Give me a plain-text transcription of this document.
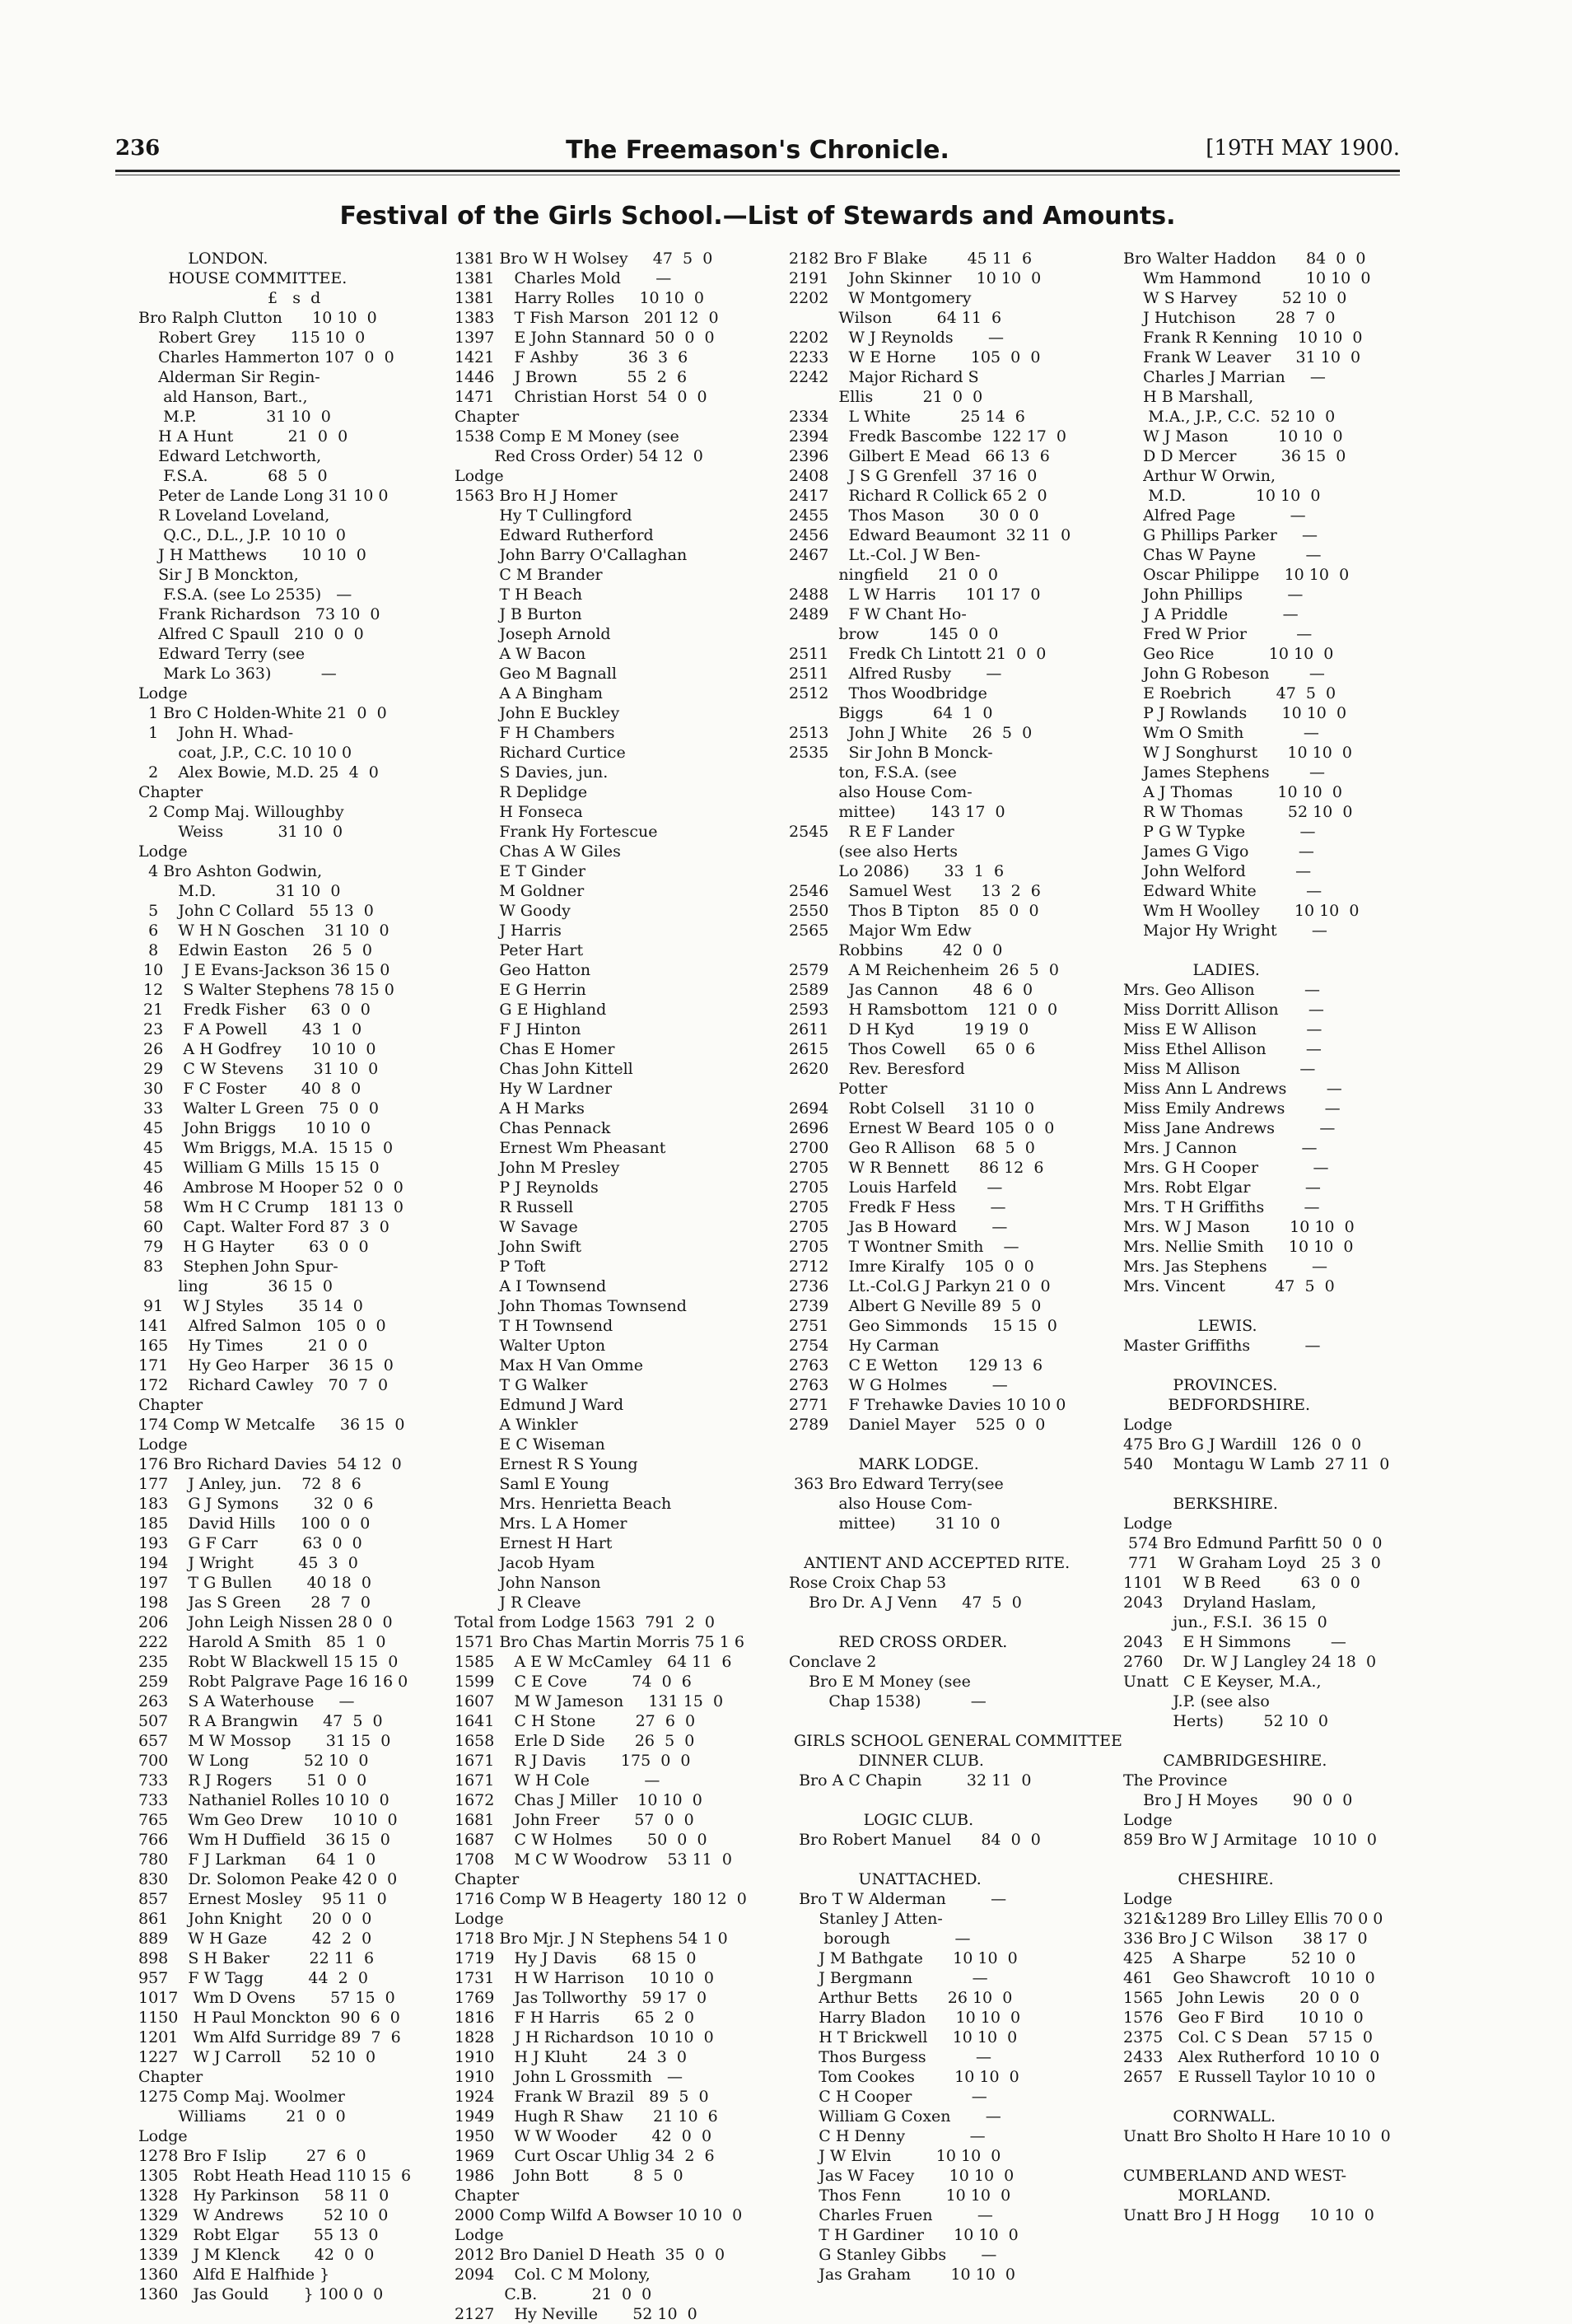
236	The Freemason's Chronicle.	[19TH MAY 1900.
Festival of the Girls School.—List of Stewards and Amounts.
LONDON.
HOUSE COMMITTEE.
£   s  d
Bro Ralph Clutton      10 10  0
Robert Grey       115 10  0
Charles Hammerton 107  0  0
Alderman Sir Regin-
ald Hanson, Bart.,
M.P.              31 10  0
H A Hunt           21  0  0
Edward Letchworth,
F.S.A.            68  5  0
Peter de Lande Long 31 10 0
R Loveland Loveland,
Q.C., D.L., J.P.  10 10  0
J H Matthews       10 10  0
Sir J B Monckton,
F.S.A. (see Lo 2535)   —
Frank Richardson   73 10  0
Alfred C Spaull   210  0  0
Edward Terry (see
Mark Lo 363)          —
Lodge
1 Bro C Holden-White 21  0  0
1    John H. Whad-
coat, J.P., C.C. 10 10 0
2    Alex Bowie, M.D. 25  4  0
Chapter
2 Comp Maj. Willoughby
Weiss           31 10  0
Lodge
4 Bro Ashton Godwin,
M.D.            31 10  0
5    John C Collard   55 13  0
6    W H N Goschen    31 10  0
8    Edwin Easton     26  5  0
10    J E Evans-Jackson 36 15 0
12    S Walter Stephens 78 15 0
21    Fredk Fisher     63  0  0
23    F A Powell       43  1  0
26    A H Godfrey      10 10  0
29    C W Stevens      31 10  0
30    F C Foster       40  8  0
33    Walter L Green   75  0  0
45    John Briggs      10 10  0
45    Wm Briggs, M.A.  15 15  0
45    William G Mills  15 15  0
46    Ambrose M Hooper 52  0  0
58    Wm H C Crump    181 13  0
60    Capt. Walter Ford 87  3  0
79    H G Hayter       63  0  0
83    Stephen John Spur-
ling            36 15  0
91    W J Styles       35 14  0
141    Alfred Salmon   105  0  0
165    Hy Times         21  0  0
171    Hy Geo Harper    36 15  0
172    Richard Cawley   70  7  0
Chapter
174 Comp W Metcalfe     36 15  0
Lodge
176 Bro Richard Davies  54 12  0
177    J Anley, jun.    72  8  6
183    G J Symons       32  0  6
185    David Hills     100  0  0
193    G F Carr         63  0  0
194    J Wright         45  3  0
197    T G Bullen       40 18  0
198    Jas S Green      28  7  0
206    John Leigh Nissen 28 0  0
222    Harold A Smith   85  1  0
235    Robt W Blackwell 15 15  0
259    Robt Palgrave Page 16 16 0
263    S A Waterhouse     —
507    R A Brangwin     47  5  0
657    M W Mossop       31 15  0
700    W Long           52 10  0
733    R J Rogers       51  0  0
733    Nathaniel Rolles 10 10  0
765    Wm Geo Drew      10 10  0
766    Wm H Duffield    36 15  0
780    F J Larkman      64  1  0
830    Dr. Solomon Peake 42 0  0
857    Ernest Mosley    95 11  0
861    John Knight      20  0  0
889    W H Gaze         42  2  0
898    S H Baker        22 11  6
957    F W Tagg         44  2  0
1017   Wm D Ovens       57 15  0
1150   H Paul Monckton  90  6  0
1201   Wm Alfd Surridge 89  7  6
1227   W J Carroll      52 10  0
Chapter
1275 Comp Maj. Woolmer
Williams        21  0  0
Lodge
1278 Bro F Islip        27  6  0
1305   Robt Heath Head 110 15  6
1328   Hy Parkinson     58 11  0
1329   W Andrews        52 10  0
1329   Robt Elgar       55 13  0
1339   J M Klenck       42  0  0
1360   Alfd E Halfhide }
1360   Jas Gould       } 100 0  0
1381 Bro W H Wolsey     47  5  0
1381    Charles Mold       —
1381    Harry Rolles     10 10  0
1383    T Fish Marson   201 12  0
1397    E John Stannard  50  0  0
1421    F Ashby          36  3  6
1446    J Brown          55  2  6
1471    Christian Horst  54  0  0
Chapter
1538 Comp E M Money (see
Red Cross Order) 54 12  0
Lodge
1563 Bro H J Homer
Hy T Cullingford
Edward Rutherford
John Barry O'Callaghan
C M Brander
T H Beach
J B Burton
Joseph Arnold
A W Bacon
Geo M Bagnall
A A Bingham
John E Buckley
F H Chambers
Richard Curtice
S Davies, jun.
R Deplidge
H Fonseca
Frank Hy Fortescue
Chas A W Giles
E T Ginder
M Goldner
W Goody
J Harris
Peter Hart
Geo Hatton
E G Herrin
G E Highland
F J Hinton
Chas E Homer
Chas John Kittell
Hy W Lardner
A H Marks
Chas Pennack
Ernest Wm Pheasant
John M Presley
P J Reynolds
R Russell
W Savage
John Swift
P Toft
A I Townsend
John Thomas Townsend
T H Townsend
Walter Upton
Max H Van Omme
T G Walker
Edmund J Ward
A Winkler
E C Wiseman
Ernest R S Young
Saml E Young
Mrs. Henrietta Beach
Mrs. L A Homer
Ernest H Hart
Jacob Hyam
John Nanson
J R Cleave
Total from Lodge 1563  791  2  0
1571 Bro Chas Martin Morris 75 1 6
1585    A E W McCamley   64 11  6
1599    C E Cove         74  0  6
1607    M W Jameson     131 15  0
1641    C H Stone        27  6  0
1658    Erle D Side      26  5  0
1671    R J Davis       175  0  0
1671    W H Cole           —
1672    Chas J Miller    10 10  0
1681    John Freer       57  0  0
1687    C W Holmes       50  0  0
1708    M C W Woodrow    53 11  0
Chapter
1716 Comp W B Heagerty  180 12  0
Lodge
1718 Bro Mjr. J N Stephens 54 1 0
1719    Hy J Davis       68 15  0
1731    H W Harrison     10 10  0
1769    Jas Tollworthy   59 17  0
1816    F H Harris       65  2  0
1828    J H Richardson   10 10  0
1910    H J Kluht        24  3  0
1910    John L Grossmith   —
1924    Frank W Brazil   89  5  0
1949    Hugh R Shaw      21 10  6
1950    W W Wooder       42  0  0
1969    Curt Oscar Uhlig 34  2  6
1986    John Bott         8  5  0
Chapter
2000 Comp Wilfd A Bowser 10 10  0
Lodge
2012 Bro Daniel D Heath  35  0  0
2094    Col. C M Molony,
C.B.           21  0  0
2127    Hy Neville       52 10  0
2182 Bro F Blake        45 11  6
2191    John Skinner     10 10  0
2202    W Montgomery
Wilson         64 11  6
2202    W J Reynolds       —
2233    W E Horne       105  0  0
2242    Major Richard S
Ellis          21  0  0
2334    L White          25 14  6
2394    Fredk Bascombe  122 17  0
2396    Gilbert E Mead   66 13  6
2408    J S G Grenfell   37 16  0
2417    Richard R Collick 65 2  0
2455    Thos Mason       30  0  0
2456    Edward Beaumont  32 11  0
2467    Lt.-Col. J W Ben-
ningfield      21  0  0
2488    L W Harris      101 17  0
2489    F W Chant Ho-
brow          145  0  0
2511    Fredk Ch Lintott 21  0  0
2511    Alfred Rusby       —
2512    Thos Woodbridge
Biggs          64  1  0
2513    John J White     26  5  0
2535    Sir John B Monck-
ton, F.S.A. (see
also House Com-
mittee)       143 17  0
2545    R E F Lander
(see also Herts
Lo 2086)       33  1  6
2546    Samuel West      13  2  6
2550    Thos B Tipton    85  0  0
2565    Major Wm Edw
Robbins        42  0  0
2579    A M Reichenheim  26  5  0
2589    Jas Cannon       48  6  0
2593    H Ramsbottom    121  0  0
2611    D H Kyd          19 19  0
2615    Thos Cowell      65  0  6
2620    Rev. Beresford
Potter
2694    Robt Colsell     31 10  0
2696    Ernest W Beard  105  0  0
2700    Geo R Allison    68  5  0
2705    W R Bennett      86 12  6
2705    Louis Harfeld      —
2705    Fredk F Hess       —
2705    Jas B Howard       —
2705    T Wontner Smith    —
2712    Imre Kiralfy    105  0  0
2736    Lt.-Col.G J Parkyn 21 0  0
2739    Albert G Neville 89  5  0
2751    Geo Simmonds     15 15  0
2754    Hy Carman
2763    C E Wetton      129 13  6
2763    W G Holmes         —
2771    F Trehawke Davies 10 10 0
2789    Daniel Mayer    525  0  0
MARK LODGE.
363 Bro Edward Terry(see
also House Com-
mittee)        31 10  0
ANTIENT AND ACCEPTED RITE.
Rose Croix Chap 53
Bro Dr. A J Venn     47  5  0
RED CROSS ORDER.
Conclave 2
Bro E M Money (see
Chap 1538)          —
GIRLS SCHOOL GENERAL COMMITTEE
DINNER CLUB.
Bro A C Chapin         32 11  0
LOGIC CLUB.
Bro Robert Manuel      84  0  0
UNATTACHED.
Bro T W Alderman         —
Stanley J Atten-
borough             —
J M Bathgate      10 10  0
J Bergmann            —
Arthur Betts      26 10  0
Harry Bladon      10 10  0
H T Brickwell     10 10  0
Thos Burgess          —
Tom Cookes        10 10  0
C H Cooper            —
William G Coxen       —
C H Denny             —
J W Elvin         10 10  0
Jas W Facey       10 10  0
Thos Fenn         10 10  0
Charles Fruen         —
T H Gardiner      10 10  0
G Stanley Gibbs       —
Jas Graham        10 10  0
Bro Walter Haddon      84  0  0
Wm Hammond         10 10  0
W S Harvey         52 10  0
J Hutchison        28  7  0
Frank R Kenning    10 10  0
Frank W Leaver     31 10  0
Charles J Marrian     —
H B Marshall,
M.A., J.P., C.C.  52 10  0
W J Mason          10 10  0
D D Mercer         36 15  0
Arthur W Orwin,
M.D.              10 10  0
Alfred Page           —
G Phillips Parker     —
Chas W Payne          —
Oscar Philippe     10 10  0
John Phillips         —
J A Priddle           —
Fred W Prior          —
Geo Rice           10 10  0
John G Robeson        —
E Roebrich         47  5  0
P J Rowlands       10 10  0
Wm O Smith            —
W J Songhurst      10 10  0
James Stephens        —
A J Thomas         10 10  0
R W Thomas         52 10  0
P G W Typke           —
James G Vigo          —
John Welford          —
Edward White          —
Wm H Woolley       10 10  0
Major Hy Wright       —
LADIES.
Mrs. Geo Allison          —
Miss Dorritt Allison      —
Miss E W Allison          —
Miss Ethel Allison        —
Miss M Allison            —
Miss Ann L Andrews        —
Miss Emily Andrews        —
Miss Jane Andrews         —
Mrs. J Cannon             —
Mrs. G H Cooper           —
Mrs. Robt Elgar           —
Mrs. T H Griffiths        —
Mrs. W J Mason        10 10  0
Mrs. Nellie Smith     10 10  0
Mrs. Jas Stephens         —
Mrs. Vincent          47  5  0
LEWIS.
Master Griffiths           —
PROVINCES.
BEDFORDSHIRE.
Lodge
475 Bro G J Wardill   126  0  0
540    Montagu W Lamb  27 11  0
BERKSHIRE.
Lodge
574 Bro Edmund Parfitt 50  0  0
771    W Graham Loyd   25  3  0
1101    W B Reed        63  0  0
2043    Dryland Haslam,
jun., F.S.I.  36 15  0
2043    E H Simmons        —
2760    Dr. W J Langley 24 18  0
Unatt   C E Keyser, M.A.,
J.P. (see also
Herts)        52 10  0
CAMBRIDGESHIRE.
The Province
Bro J H Moyes       90  0  0
Lodge
859 Bro W J Armitage   10 10  0
CHESHIRE.
Lodge
321&1289 Bro Lilley Ellis 70 0 0
336 Bro J C Wilson      38 17  0
425    A Sharpe         52 10  0
461    Geo Shawcroft    10 10  0
1565   John Lewis       20  0  0
1576   Geo F Bird       10 10  0
2375   Col. C S Dean    57 15  0
2433   Alex Rutherford  10 10  0
2657   E Russell Taylor 10 10  0
CORNWALL.
Unatt Bro Sholto H Hare 10 10  0
CUMBERLAND AND WEST-
MORLAND.
Unatt Bro J H Hogg      10 10  0
